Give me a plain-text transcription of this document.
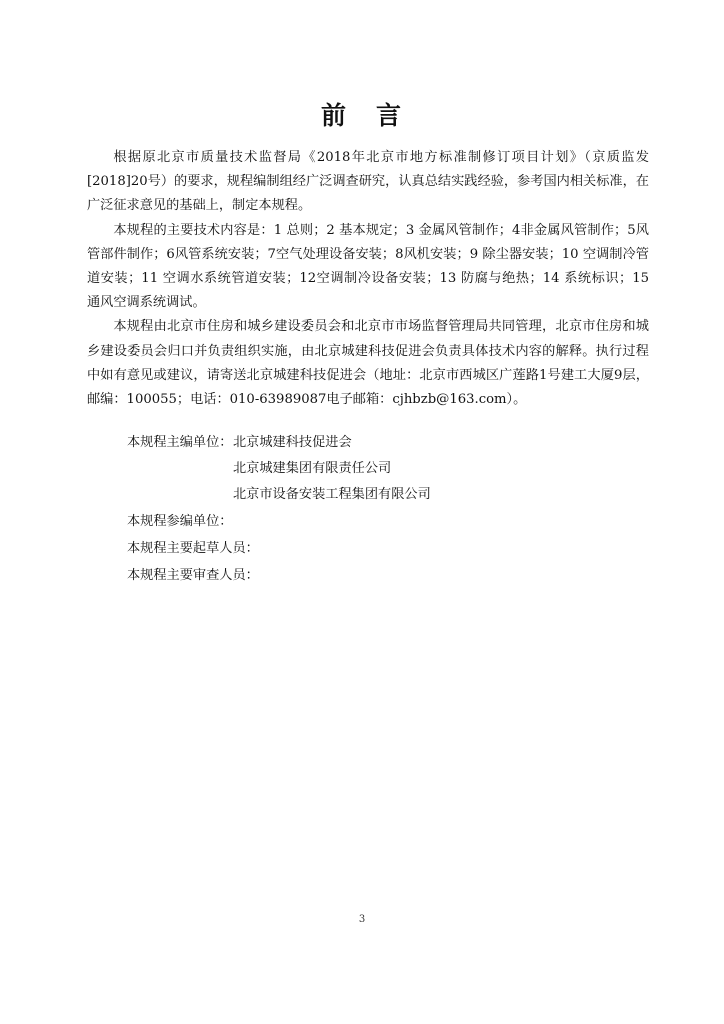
前 言

根据原北京市质量技术监督局《2018年北京市地方标准制修订项目计划》（京质监发[2018]20号）的要求，规程编制组经广泛调查研究，认真总结实践经验，参考国内相关标准，在广泛征求意见的基础上，制定本规程。

本规程的主要技术内容是：1 总则；2 基本规定；3 金属风管制作；4非金属风管制作；5风管部件制作；6风管系统安装；7空气处理设备安装；8风机安装；9 除尘器安装；10 空调制冷管道安装；11 空调水系统管道安装；12空调制冷设备安装；13 防腐与绝热；14 系统标识；15 通风空调系统调试。

本规程由北京市住房和城乡建设委员会和北京市市场监督管理局共同管理，北京市住房和城乡建设委员会归口并负责组织实施，由北京城建科技促进会负责具体技术内容的解释。执行过程中如有意见或建议，请寄送北京城建科技促进会（地址：北京市西城区广莲路1号建工大厦9层，邮编：100055；电话：010-63989087电子邮箱：cjhbzb@163.com）。

本规程主编单位： 北京城建科技促进会
北京城建集团有限责任公司
北京市设备安装工程集团有限公司
本规程参编单位：
本规程主要起草人员：
本规程主要审查人员：
3
